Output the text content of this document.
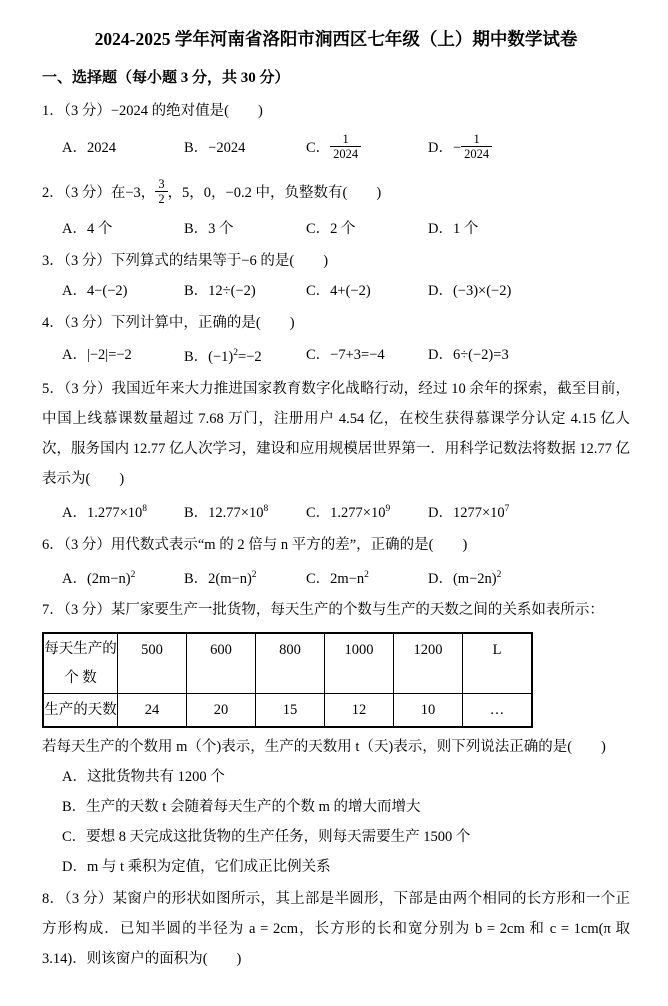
2024-2025 学年河南省洛阳市涧西区七年级（上）期中数学试卷
一、选择题（每小题 3 分，共 30 分）

1．（3 分）−2024 的绝对值是(　　)

A．2024	B．−2024	C． $\frac{1}{2024}$	D．− $\frac{1}{2024}$
2．（3 分）在−3， $\frac{3}{2}$ ，5，0，−0.2 中，负整数有(　　)
A．4 个	B．3 个	C．2 个	D．1 个

3．（3 分）下列算式的结果等于−6 的是(　　)

A．4−(−2)	B．12÷(−2)	C．4+(−2)	D．(−3)×(−2)

4．（3 分）下列计算中，正确的是(　　)

A．|−2|=−2	B．$(-1)^2=-2$	C．−7+3=−4	D．6÷(−2)=3

5．（3 分）我国近年来大力推进国家教育数字化战略行动，经过 10 余年的探索，截至目前，中国上线慕课数量超过 7.68 万门，注册用户 4.54 亿，在校生获得慕课学分认定 4.15 亿人次，服务国内 12.77 亿人次学习，建设和应用规模居世界第一．用科学记数法将数据 12.77 亿表示为(　　)

A．$1.277\times 10^8$	B．$12.77\times 10^8$	C．$1.277\times 10^9$	D．$1277\times 10^7$

6．（3 分）用代数式表示“m 的 2 倍与 n 平方的差”，正确的是(　　)

A．$(2m-n)^2$	B．$2(m-n)^2$	C．$2m-n^2$	D．$(m-2n)^2$

7．（3 分）某厂家要生产一批货物，每天生产的个数与生产的天数之间的关系如表所示：

每天生产的
个 数	500	600	800	1000	1200	L
生产的天数	24	20	15	12	10	…

若每天生产的个数用 m（个)表示，生产的天数用 t（天)表示，则下列说法正确的是(　　)

A．这批货物共有 1200 个
B．生产的天数 t 会随着每天生产的个数 m 的增大而增大
C．要想 8 天完成这批货物的生产任务，则每天需要生产 1500 个
D．m 与 t 乘积为定值，它们成正比例关系

8．（3 分）某窗户的形状如图所示，其上部是半圆形，下部是由两个相同的长方形和一个正方形构成．已知半圆的半径为 a = 2cm，长方形的长和宽分别为 b = 2cm 和 c = 1cm(π 取 3.14)．则该窗户的面积为(　　)
